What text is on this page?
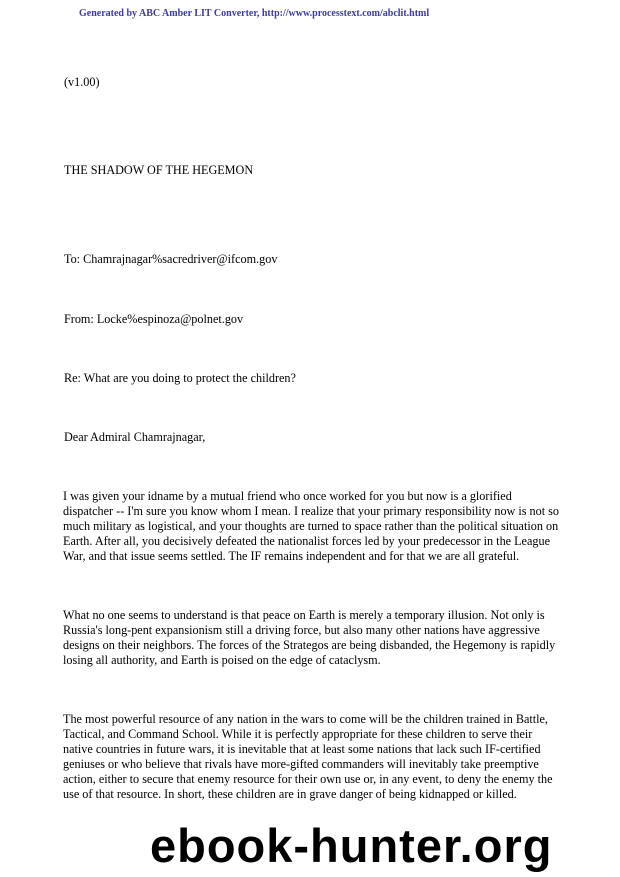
Generated by ABC Amber LIT Converter, http://www.processtext.com/abclit.html
(v1.00)
THE SHADOW OF THE HEGEMON
To: Chamrajnagar%sacredriver@ifcom.gov
From: Locke%espinoza@polnet.gov
Re: What are you doing to protect the children?
Dear Admiral Chamrajnagar,
I was given your idname by a mutual friend who once worked for you but now is a glorified dispatcher -- I'm sure you know whom I mean. I realize that your primary responsibility now is not so much military as logistical, and your thoughts are turned to space rather than the political situation on Earth. After all, you decisively defeated the nationalist forces led by your predecessor in the League War, and that issue seems settled. The IF remains independent and for that we are all grateful.
What no one seems to understand is that peace on Earth is merely a temporary illusion. Not only is Russia's long-pent expansionism still a driving force, but also many other nations have aggressive designs on their neighbors. The forces of the Strategos are being disbanded, the Hegemony is rapidly losing all authority, and Earth is poised on the edge of cataclysm.
The most powerful resource of any nation in the wars to come will be the children trained in Battle, Tactical, and Command School. While it is perfectly appropriate for these children to serve their native countries in future wars, it is inevitable that at least some nations that lack such IF-certified geniuses or who believe that rivals have more-gifted commanders will inevitably take preemptive action, either to secure that enemy resource for their own use or, in any event, to deny the enemy the use of that resource. In short, these children are in grave danger of being kidnapped or killed.
ebook-hunter.org
